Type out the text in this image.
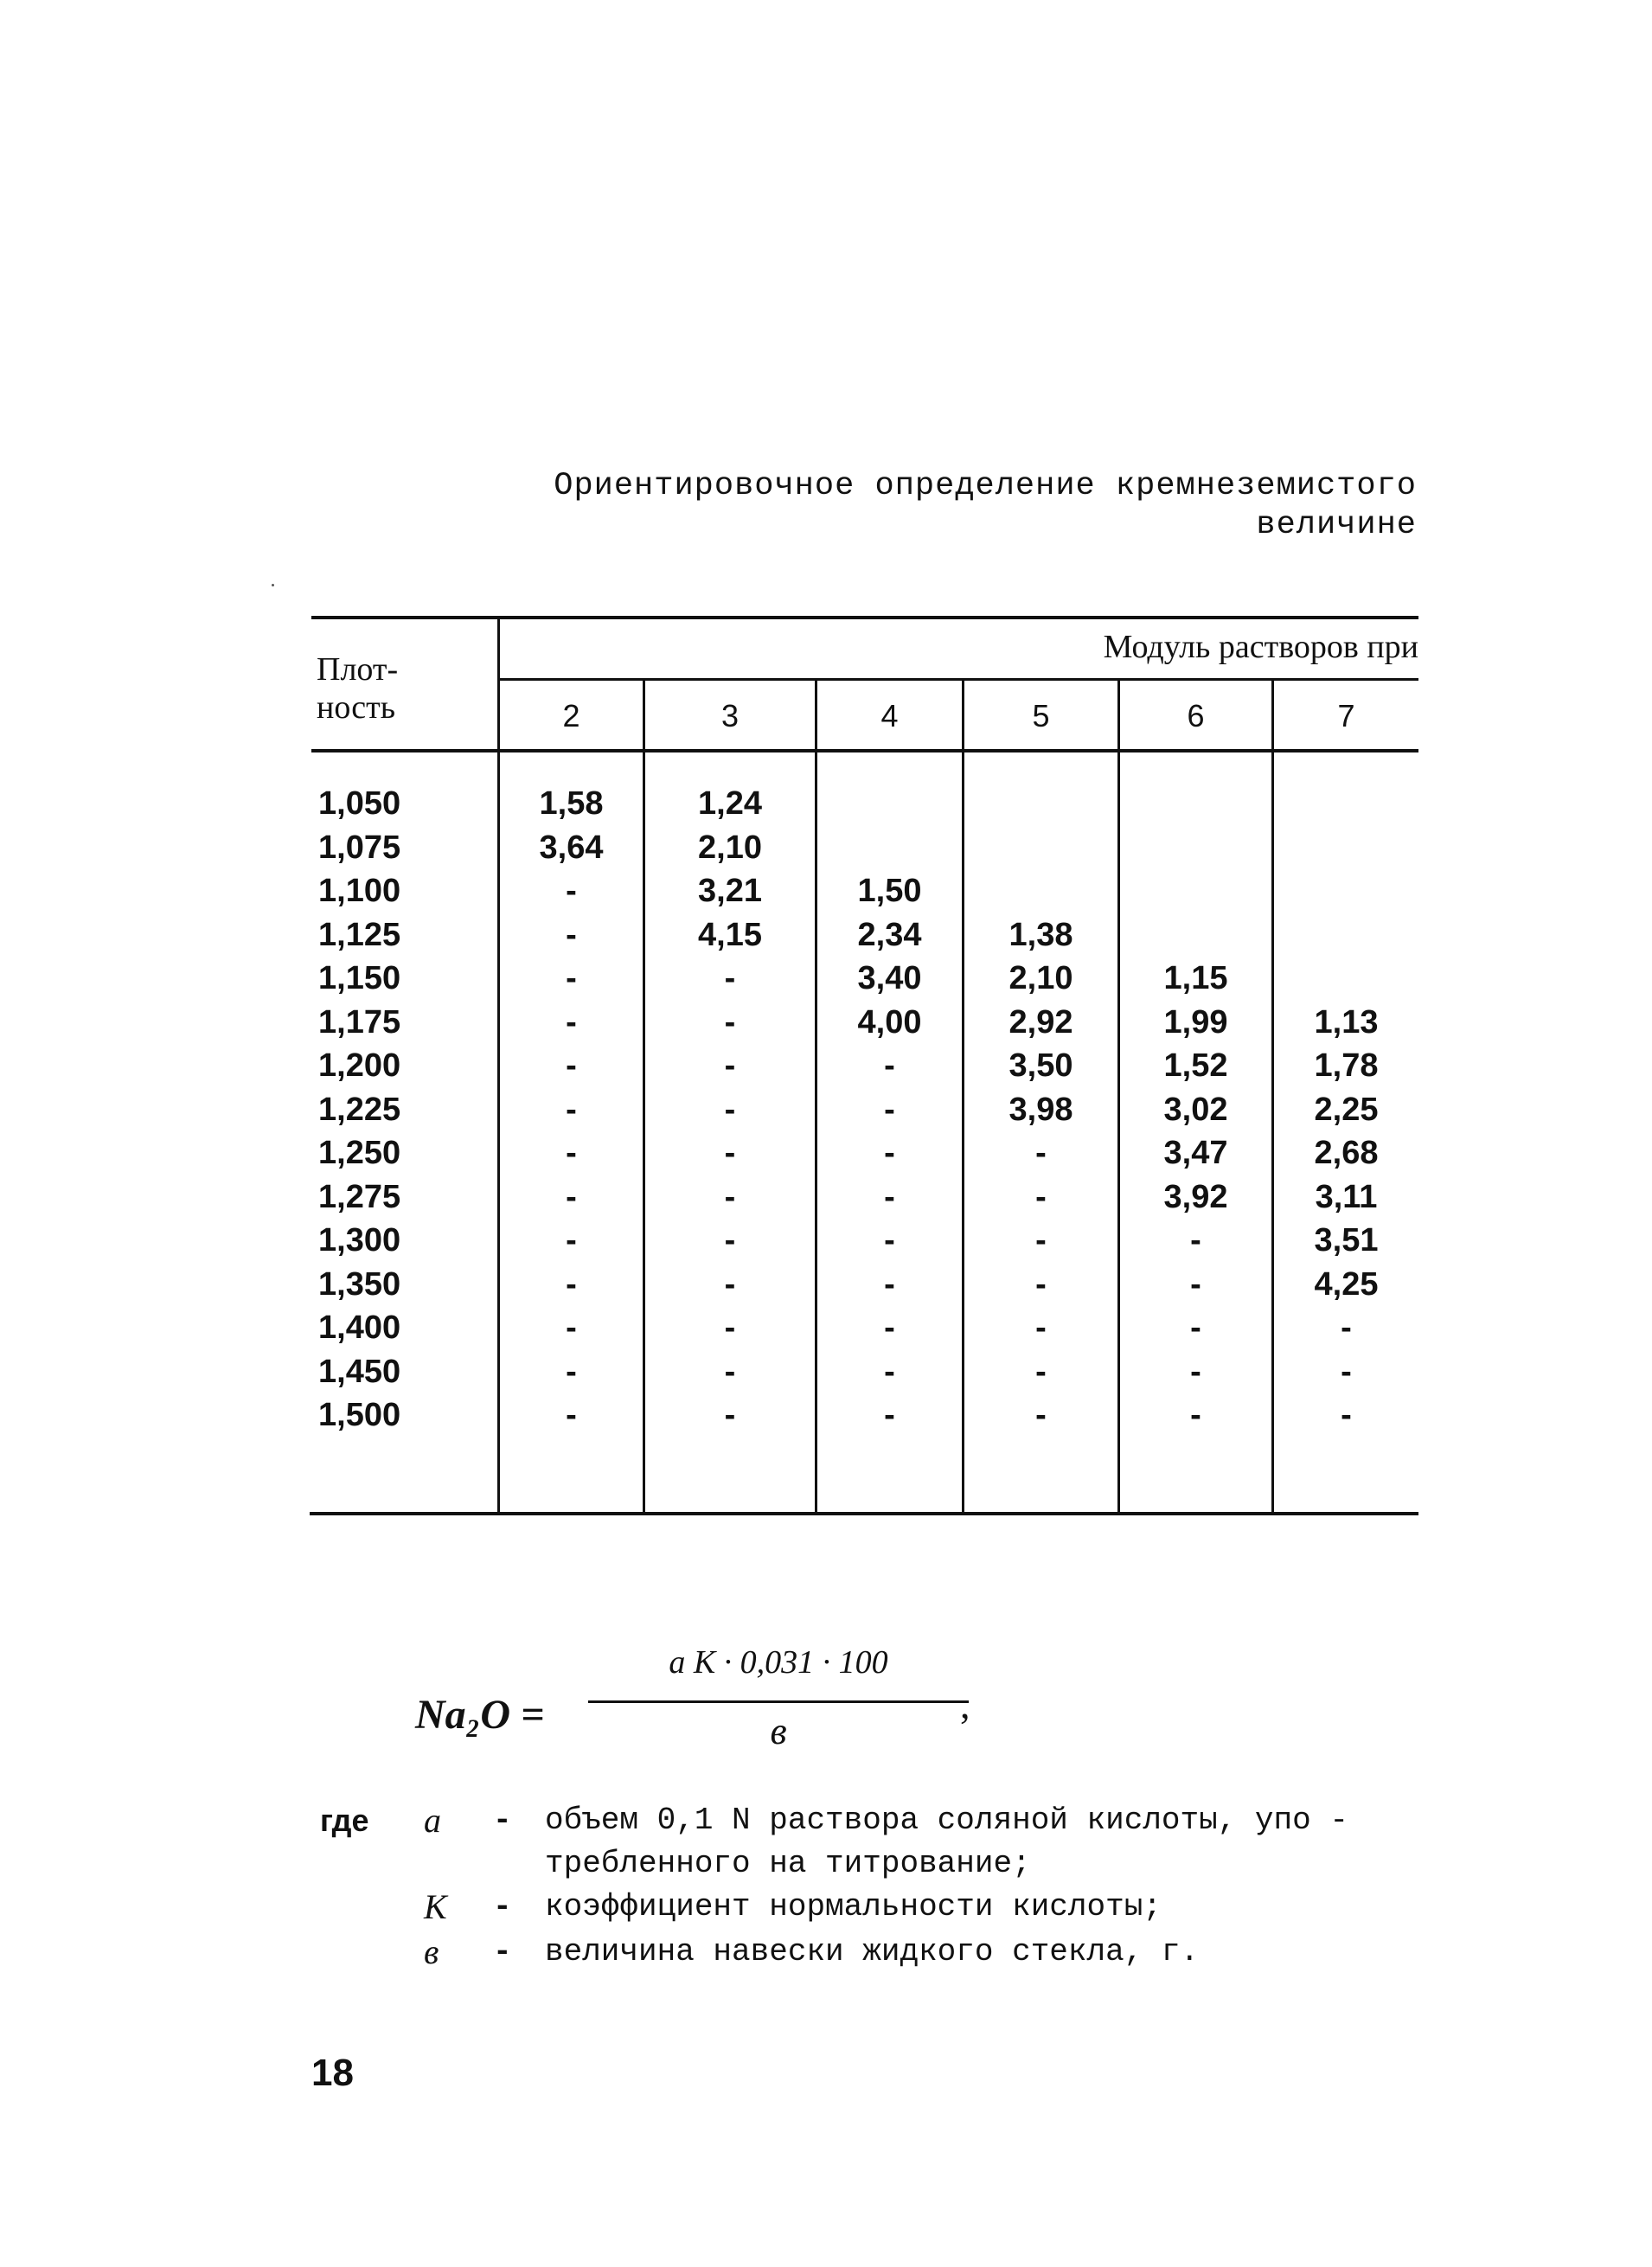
Ориентировочное определение кремнеземистого
величине
Плот-
ность
Модуль растворов при
2	3	4	5	6	7
1,050	1,58	1,24
1,075	3,64	2,10
1,100	-	3,21	1,50
1,125	-	4,15	2,34	1,38
1,150	-	-	3,40	2,10	1,15
1,175	-	-	4,00	2,92	1,99	1,13
1,200	-	-	-	3,50	1,52	1,78
1,225	-	-	-	3,98	3,02	2,25
1,250	-	-	-	-	3,47	2,68
1,275	-	-	-	-	3,92	3,11
1,300	-	-	-	-	-	3,51
1,350	-	-	-	-	-	4,25
1,400	-	-	-	-	-	-
1,450	-	-	-	-	-	-
1,500	-	-	-	-	-	-
Na₂O =
a K · 0,031 · 100
в
,
где a - объем 0,1 N раствора соляной кислоты, упо -
требленного на титрование;
K - коэффициент нормальности кислоты;
в - величина навески жидкого стекла, г.
18
